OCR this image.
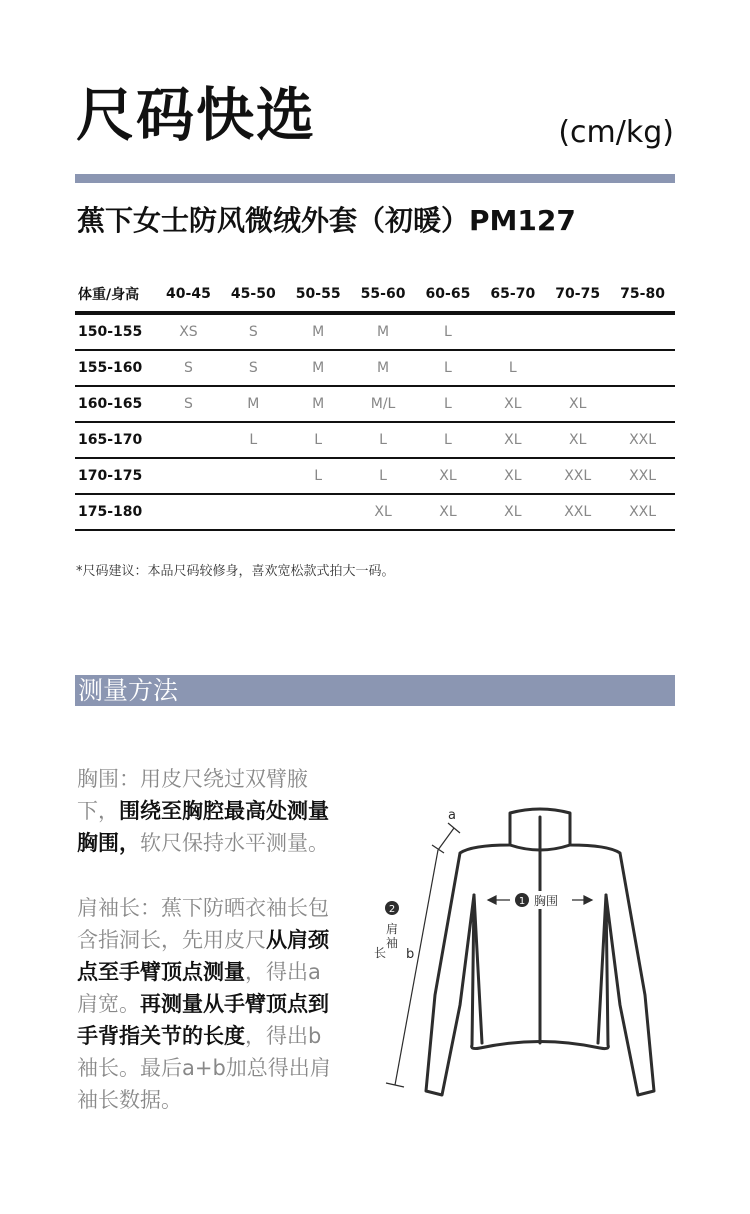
尺码快选	(cm/kg)
蕉下女士防风微绒外套（初暖）PM127
体重/身高	40-45	45-50	50-55	55-60	60-65	65-70	70-75	75-80
150-155	XS	S	M	M	L			
155-160	S	S	M	M	L	L		
160-165	S	M	M	M/L	L	XL	XL	
165-170		L	L	L	L	XL	XL	XXL
170-175			L	L	XL	XL	XXL	XXL
175-180				XL	XL	XL	XXL	XXL
*尺码建议：本品尺码较修身，喜欢宽松款式拍大一码。
测量方法
胸围：用皮尺绕过双臂腋下，围绕至胸腔最高处测量胸围，软尺保持水平测量。
肩袖长：蕉下防晒衣袖长包含指洞长，先用皮尺从肩颈点至手臂顶点测量，得出a肩宽。再测量从手臂顶点到手背指关节的长度，得出b袖长。最后a+b加总得出肩袖长数据。
1 胸围
a
b
2
肩
袖
长
